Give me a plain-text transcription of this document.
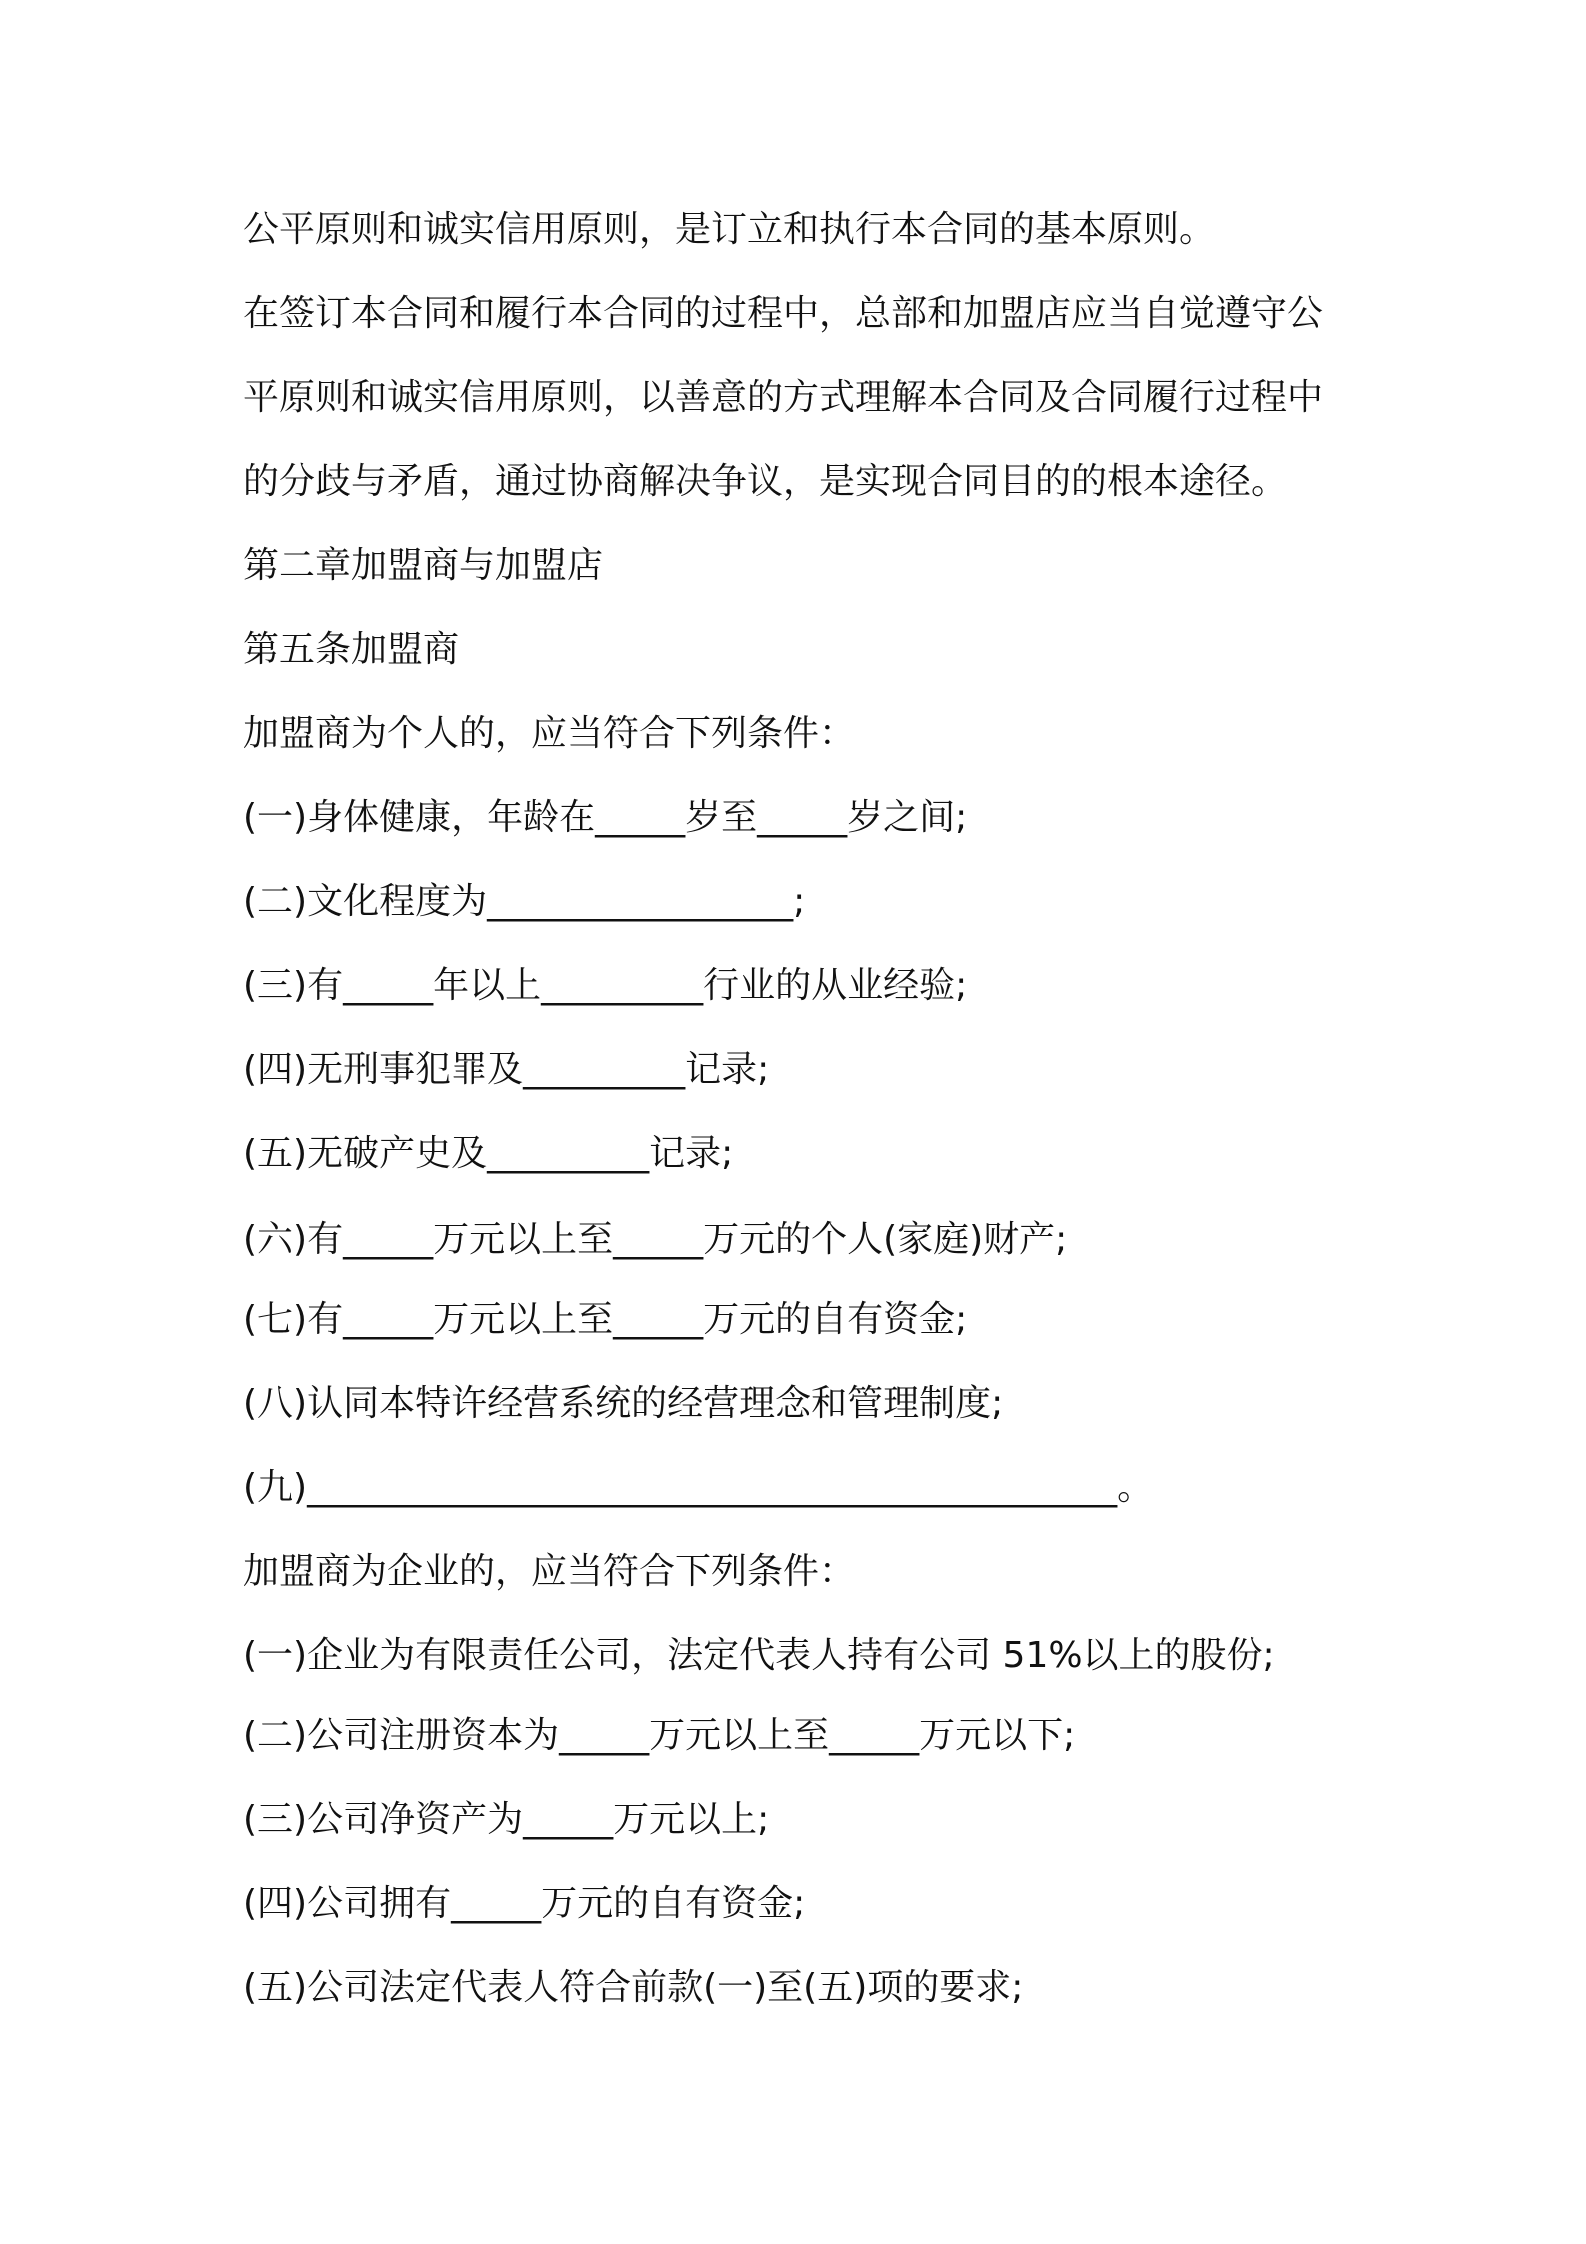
公平原则和诚实信用原则，是订立和执行本合同的基本原则。
在签订本合同和履行本合同的过程中，总部和加盟店应当自觉遵守公
平原则和诚实信用原则，以善意的方式理解本合同及合同履行过程中
的分歧与矛盾，通过协商解决争议，是实现合同目的的根本途径。
第二章加盟商与加盟店
第五条加盟商
加盟商为个人的，应当符合下列条件：
(一)身体健康，年龄在_____岁至_____岁之间;
(二)文化程度为_________________;
(三)有_____年以上_________行业的从业经验;
(四)无刑事犯罪及_________记录;
(五)无破产史及_________记录;
(六)有_____万元以上至_____万元的个人(家庭)财产;
(七)有_____万元以上至_____万元的自有资金;
(八)认同本特许经营系统的经营理念和管理制度;
(九)_____________________________________________。
加盟商为企业的，应当符合下列条件：
(一)企业为有限责任公司，法定代表人持有公司 51%以上的股份;
(二)公司注册资本为_____万元以上至_____万元以下;
(三)公司净资产为_____万元以上;
(四)公司拥有_____万元的自有资金;
(五)公司法定代表人符合前款(一)至(五)项的要求;
